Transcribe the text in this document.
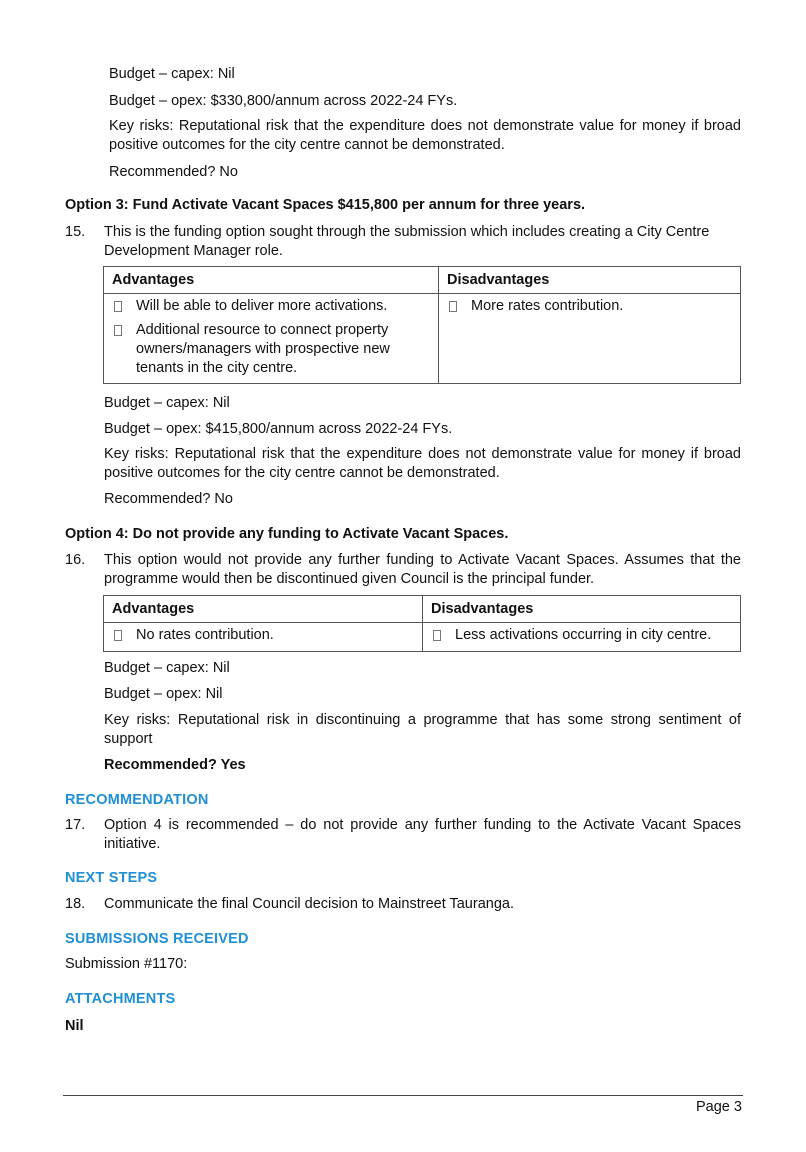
Budget – capex: Nil

Budget – opex: $330,800/annum across 2022-24 FYs.

Key risks: Reputational risk that the expenditure does not demonstrate value for money if broad positive outcomes for the city centre cannot be demonstrated.

Recommended? No

Option 3: Fund Activate Vacant Spaces $415,800 per annum for three years.

15. This is the funding option sought through the submission which includes creating a City Centre Development Manager role.

Advantages	Disadvantages

Will be able to deliver more activations.
Additional resource to connect property owners/managers with prospective new tenants in the city centre.	More rates contribution.

Budget – capex: Nil

Budget – opex: $415,800/annum across 2022-24 FYs.

Key risks: Reputational risk that the expenditure does not demonstrate value for money if broad positive outcomes for the city centre cannot be demonstrated.

Recommended? No

Option 4: Do not provide any funding to Activate Vacant Spaces.

16. This option would not provide any further funding to Activate Vacant Spaces. Assumes that the programme would then be discontinued given Council is the principal funder.

Advantages	Disadvantages

No rates contribution.	Less activations occurring in city centre.

Budget – capex: Nil

Budget – opex: Nil

Key risks: Reputational risk in discontinuing a programme that has some strong sentiment of support

Recommended? Yes

RECOMMENDATION

17. Option 4 is recommended – do not provide any further funding to the Activate Vacant Spaces initiative.

NEXT STEPS

18. Communicate the final Council decision to Mainstreet Tauranga.

SUBMISSIONS RECEIVED

Submission #1170:

ATTACHMENTS

Nil

Page 3
